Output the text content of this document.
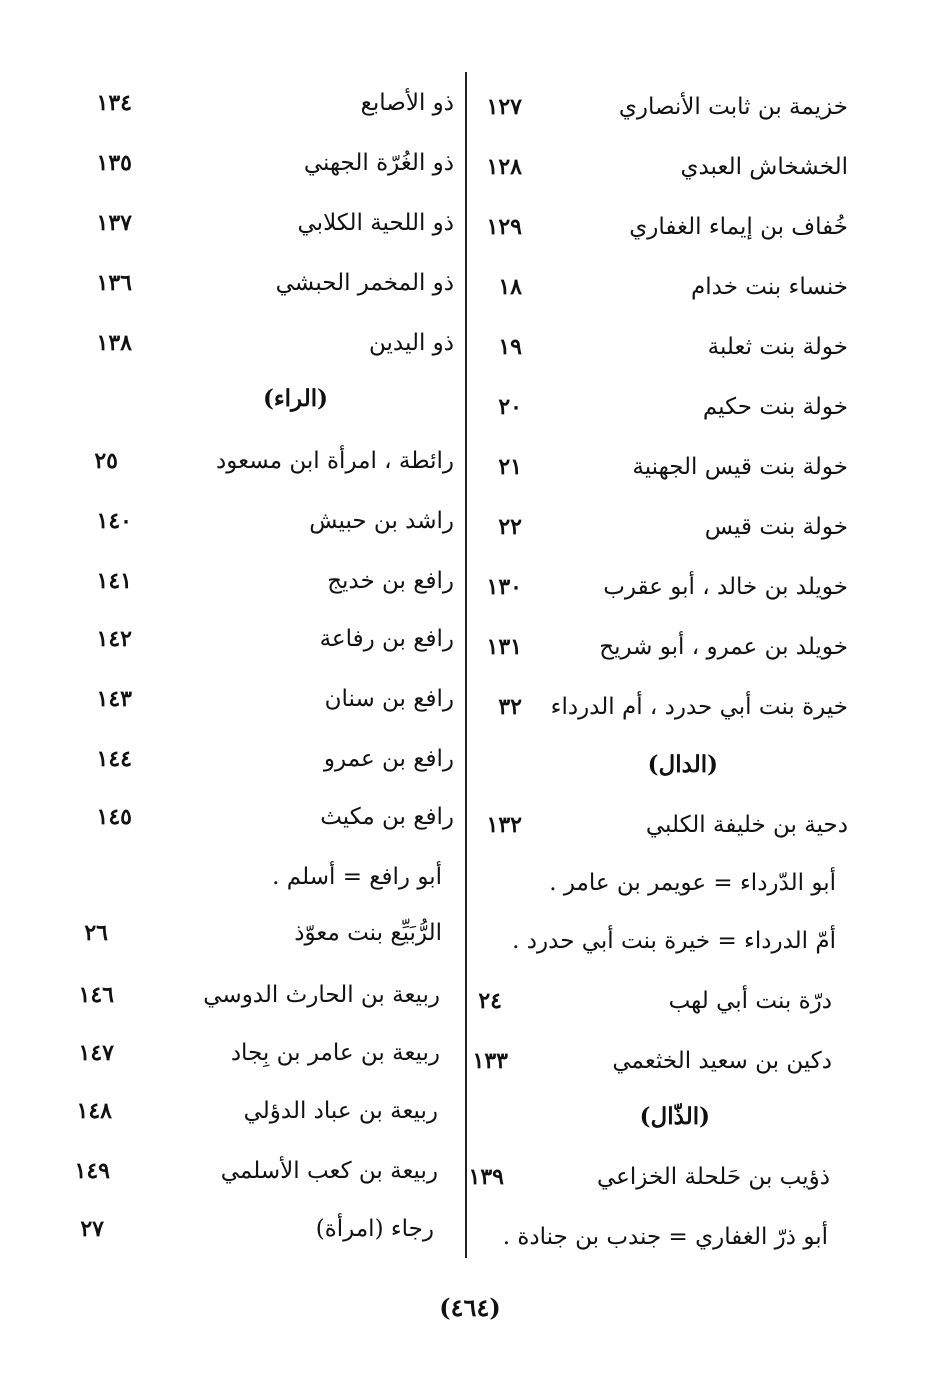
خزيمة بن ثابت الأنصاري
١٢٧
الخشخاش العبدي
١٢٨
خُفاف بن إيماء الغفاري
١٢٩
خنساء بنت خدام
١٨
خولة بنت ثعلبة
١٩
خولة بنت حكيم
٢٠
خولة بنت قيس الجهنية
٢١
خولة بنت قيس
٢٢
خويلد بن خالد ، أبو عقرب
١٣٠
خويلد بن عمرو ، أبو شريح
١٣١
خيرة بنت أبي حدرد ، أم الدرداء
٣٢
(الدال)
دحية بن خليفة الكلبي
١٣٢
أبو الدّرداء = عويمر بن عامر .
أمّ الدرداء = خيرة بنت أبي حدرد .
درّة بنت أبي لهب
٢٤
دكين بن سعيد الخثعمي
١٣٣
(الذّال)
ذؤيب بن حَلحلة الخزاعي
١٣٩
أبو ذرّ الغفاري = جندب بن جنادة .
ذو الأصابع
١٣٤
ذو الغُرّة الجهني
١٣٥
ذو اللحية الكلابي
١٣٧
ذو المخمر الحبشي
١٣٦
ذو اليدين
١٣٨
(الراء)
رائطة ، امرأة ابن مسعود
٢٥
راشد بن حبيش
١٤٠
رافع بن خديج
١٤١
رافع بن رفاعة
١٤٢
رافع بن سنان
١٤٣
رافع بن عمرو
١٤٤
رافع بن مكيث
١٤٥
أبو رافع = أسلم .
الرُّبَيِّع بنت معوّذ
٢٦
ربيعة بن الحارث الدوسي
١٤٦
ربيعة بن عامر بن بِجاد
١٤٧
ربيعة بن عباد الدؤلي
١٤٨
ربيعة بن كعب الأسلمي
١٤٩
رجاء (امرأة)
٢٧
(٤٦٤)
